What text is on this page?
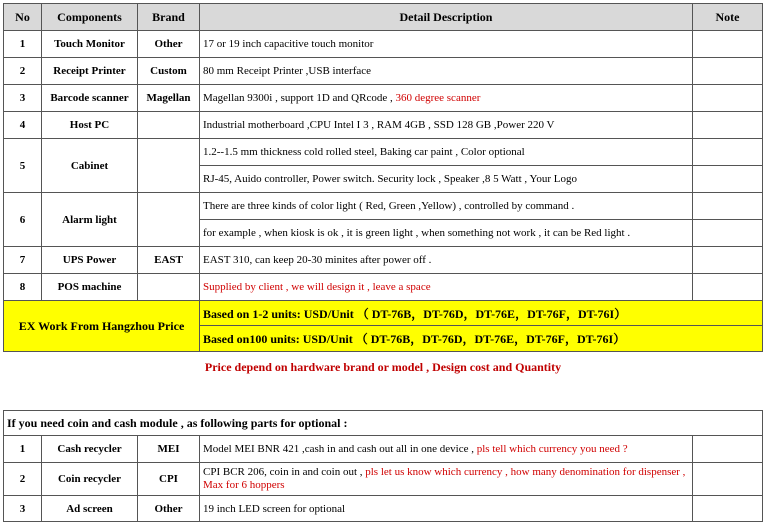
No	Components	Brand	Detail Description	Note
1	Touch Monitor	Other	17 or 19 inch capacitive touch monitor	
2	Receipt Printer	Custom	80 mm Receipt Printer ,USB interface	
3	Barcode scanner	Magellan	Magellan 9300i , support 1D and QRcode , 360 degree scanner	
4	Host PC		Industrial motherboard ,CPU Intel I 3 , RAM 4GB , SSD 128 GB ,Power 220 V	
5	Cabinet		1.2--1.5 mm thickness cold rolled steel, Baking car paint , Color optional	
			RJ-45, Auido controller, Power switch. Security lock , Speaker ,8 5 Watt , Your Logo	
6	Alarm light		There are three kinds of color light ( Red, Green ,Yellow) , controlled by command .	
			for example , when kiosk is ok , it is green light , when something not work , it can be Red light .	
7	UPS Power	EAST	EAST 310, can keep 20-30 minites after power off .	
8	POS machine		Supplied by client , we will design it , leave a space	
EX Work From Hangzhou Price			Based on 1-2 units: USD/Unit （ DT-76B，DT-76D，DT-76E，DT-76F，DT-76I）	
			Based on100 units: USD/Unit （ DT-76B，DT-76D，DT-76E，DT-76F，DT-76I）	
Price depend on hardware brand or model , Design cost and Quantity
If you need coin and cash module , as following parts for optional :				
1	Cash recycler	MEI	Model MEI BNR 421 ,cash in and cash out all in one device , pls tell which currency you need ?	
2	Coin recycler	CPI	CPI BCR 206, coin in and coin out , pls let us know which currency , how many denomination for dispenser , Max for 6 hoppers	
3	Ad screen	Other	19 inch LED screen for optional	
